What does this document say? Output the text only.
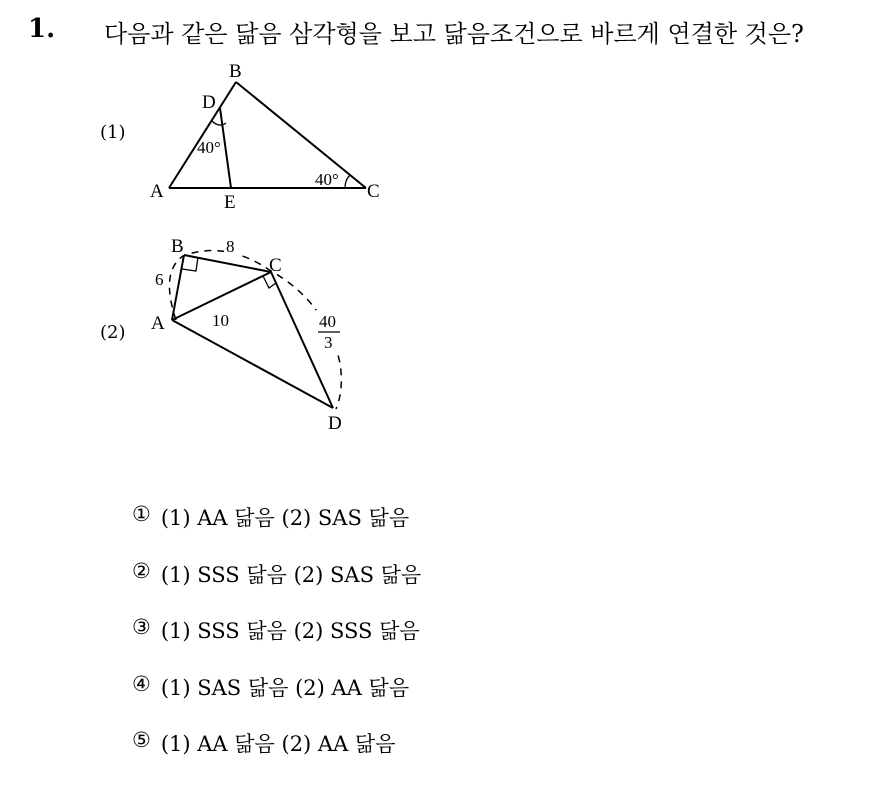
1. 다음과 같은 닮음 삼각형을 보고 닮음조건으로 바르게 연결한 것은?
(1)
(2)
B
D
A
E
C
40°
40°
B
C
A
D
8
6
10	40
3
① (1) AA 닮음 (2) SAS 닮음
② (1) SSS 닮음 (2) SAS 닮음
③ (1) SSS 닮음 (2) SSS 닮음
④ (1) SAS 닮음 (2) AA 닮음
⑤ (1) AA 닮음 (2) AA 닮음
